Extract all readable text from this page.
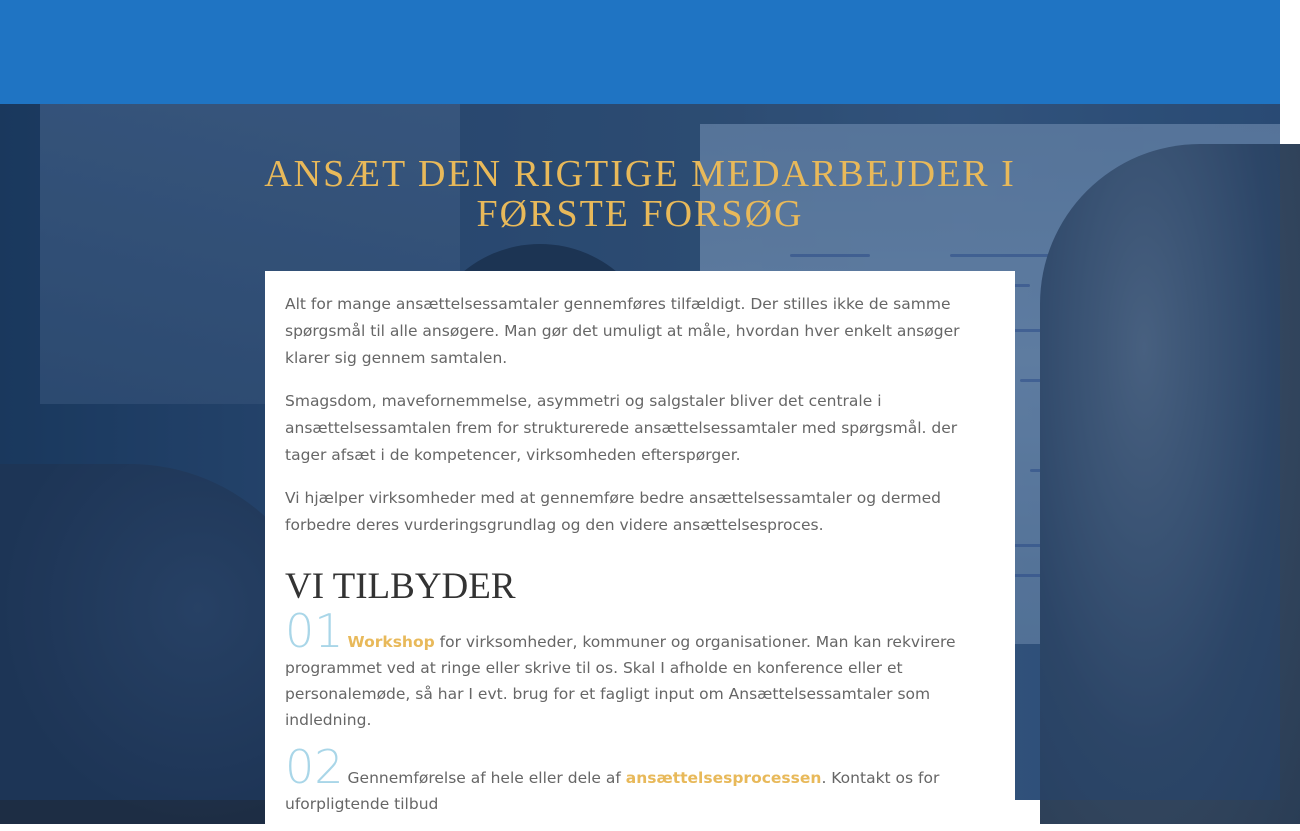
ANSÆT DEN RIGTIGE MEDARBEJDER I
FØRSTE FORSØG

Alt for mange ansættelsessamtaler gennemføres tilfældigt. Der stilles ikke de samme spørgsmål til alle ansøgere. Man gør det umuligt at måle, hvordan hver enkelt ansøger klarer sig gennem samtalen.

Smagsdom, mavefornemmelse, asymmetri og salgstaler bliver det centrale i ansættelsessamtalen frem for strukturerede ansættelsessamtaler med spørgsmål. der tager afsæt i de kompetencer, virksomheden efterspørger.

Vi hjælper virksomheder med at gennemføre bedre ansættelsessamtaler og dermed forbedre deres vurderingsgrundlag og den videre ansættelsesproces.

VI TILBYDER
01 Workshop for virksomheder, kommuner og organisationer. Man kan rekvirere programmet ved at ringe eller skrive til os. Skal I afholde en konference eller et personalemøde, så har I evt. brug for et fagligt input om Ansættelsessamtaler som indledning.
02 Gennemførelse af hele eller dele af ansættelsesprocessen. Kontakt os for uforpligtende tilbud
